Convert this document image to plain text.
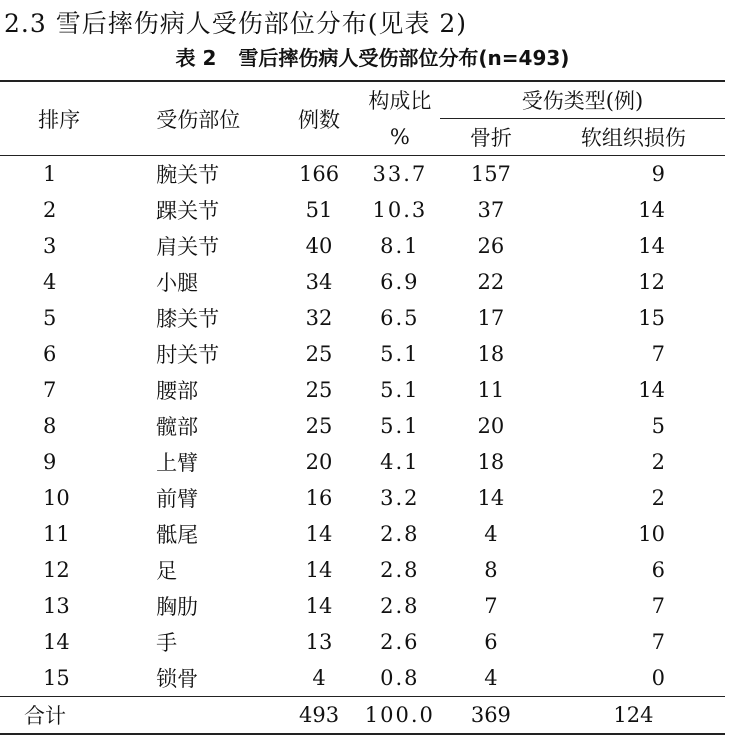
2.3 雪后摔伤病人受伤部位分布(见表 2)
表 2 雪后摔伤病人受伤部位分布(n=493)
排序	受伤部位	例数	构成比	受伤类型(例)	
			%	骨折	软组织损伤
1	腕关节	166	33.7	157	9
2	踝关节	51	10.3	37	14
3	肩关节	40	8.1	26	14
4	小腿	34	6.9	22	12
5	膝关节	32	6.5	17	15
6	肘关节	25	5.1	18	7
7	腰部	25	5.1	11	14
8	髋部	25	5.1	20	5
9	上臂	20	4.1	18	2
10	前臂	16	3.2	14	2
11	骶尾	14	2.8	4	10
12	足	14	2.8	8	6
13	胸肋	14	2.8	7	7
14	手	13	2.6	6	7
15	锁骨	4	0.8	4	0
合计		493	100.0	369	124
